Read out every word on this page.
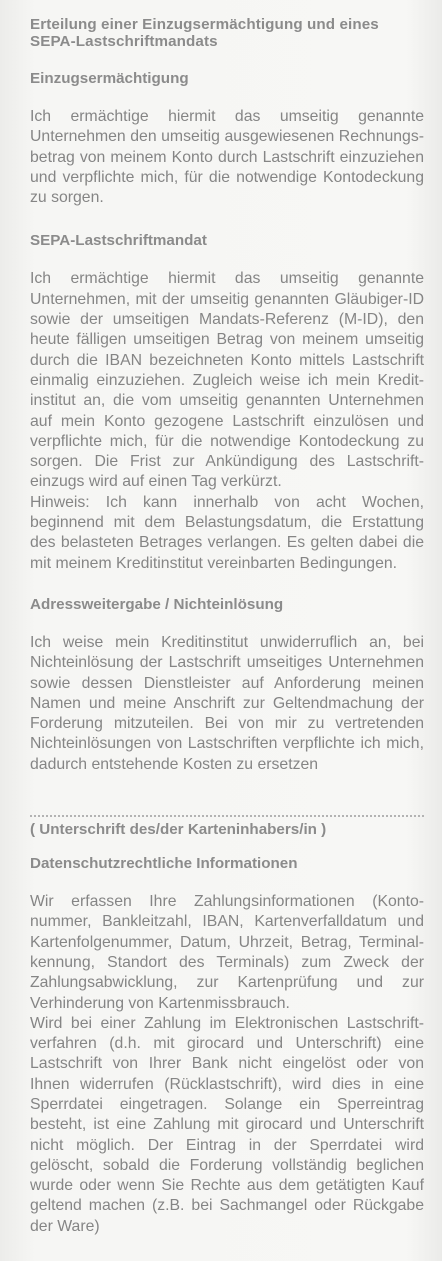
Erteilung einer Einzugsermächtigung und eines SEPA-Lastschriftmandats
Einzugsermächtigung

Ich ermächtige hiermit das umseitig genannte Unternehmen den umseitig ausgewiesenen Rechnungs-betrag von meinem Konto durch Lastschrift einzuziehen und verpflichte mich, für die notwendige Kontodeckung zu sorgen.

SEPA-Lastschriftmandat

Ich ermächtige hiermit das umseitig genannte Unternehmen, mit der umseitig genannten Gläubiger-ID sowie der umseitigen Mandats-Referenz (M-ID), den heute fälligen umseitigen Betrag von meinem umseitig durch die IBAN bezeichneten Konto mittels Lastschrift einmalig einzuziehen. Zugleich weise ich mein Kredit-institut an, die vom umseitig genannten Unternehmen auf mein Konto gezogene Lastschrift einzulösen und verpflichte mich, für die notwendige Kontodeckung zu sorgen. Die Frist zur Ankündigung des Lastschrift-einzugs wird auf einen Tag verkürzt.
Hinweis: Ich kann innerhalb von acht Wochen, beginnend mit dem Belastungsdatum, die Erstattung des belasteten Betrages verlangen. Es gelten dabei die mit meinem Kreditinstitut vereinbarten Bedingungen.

Adressweitergabe / Nichteinlösung

Ich weise mein Kreditinstitut unwiderruflich an, bei Nichteinlösung der Lastschrift umseitiges Unternehmen sowie dessen Dienstleister auf Anforderung meinen Namen und meine Anschrift zur Geltendmachung der Forderung mitzuteilen. Bei von mir zu vertretenden Nichteinlösungen von Lastschriften verpflichte ich mich, dadurch entstehende Kosten zu ersetzen

( Unterschrift des/der Karteninhabers/in )
Datenschutzrechtliche Informationen

Wir erfassen Ihre Zahlungsinformationen (Konto-nummer, Bankleitzahl, IBAN, Kartenverfalldatum und Kartenfolgenummer, Datum, Uhrzeit, Betrag, Terminal-kennung, Standort des Terminals) zum Zweck der Zahlungsabwicklung, zur Kartenprüfung und zur Verhinderung von Kartenmissbrauch.
Wird bei einer Zahlung im Elektronischen Lastschrift-verfahren (d.h. mit girocard und Unterschrift) eine Lastschrift von Ihrer Bank nicht eingelöst oder von Ihnen widerrufen (Rücklastschrift), wird dies in eine Sperrdatei eingetragen. Solange ein Sperreintrag besteht, ist eine Zahlung mit girocard und Unterschrift nicht möglich. Der Eintrag in der Sperrdatei wird gelöscht, sobald die Forderung vollständig beglichen wurde oder wenn Sie Rechte aus dem getätigten Kauf geltend machen (z.B. bei Sachmangel oder Rückgabe der Ware)
